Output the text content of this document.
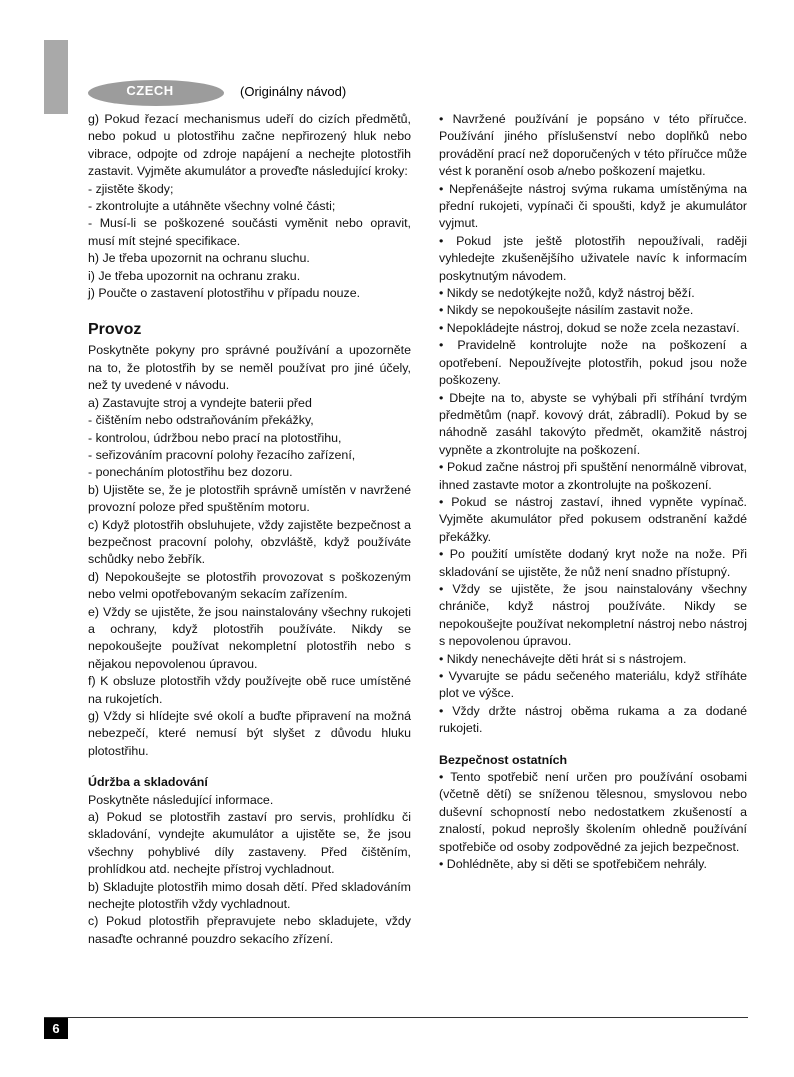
CZECH	(Originálny návod)

g) Pokud řezací mechanismus udeří do cizích předmětů, nebo pokud u plotostřihu začne nepřirozený hluk nebo vibrace, odpojte od zdroje napájení a nechejte plotostřih zastavit. Vyjměte akumulátor a proveďte následující kroky:

- zjistěte škody;

- zkontrolujte a utáhněte všechny volné části;

- Musí-li se poškozené součásti vyměnit nebo opravit, musí mít stejné specifikace.

h) Je třeba upozornit na ochranu sluchu.

i) Je třeba upozornit na ochranu zraku.

j) Poučte o zastavení plotostřihu v případu nouze.

Provoz

Poskytněte pokyny pro správné používání a upozorněte na to, že plotostřih by se neměl používat pro jiné účely, než ty uvedené v návodu.

a) Zastavujte stroj a vyndejte baterii před

- čištěním nebo odstraňováním překážky,

- kontrolou, údržbou nebo prací na plotostřihu,

- seřizováním pracovní polohy řezacího zařízení,

- ponecháním plotostřihu bez dozoru.

b) Ujistěte se, že je plotostřih správně umístěn v navržené provozní poloze před spuštěním motoru.

c) Když plotostřih obsluhujete, vždy zajistěte bezpečnost a bezpečnost pracovní polohy, obzvláště, když používáte schůdky nebo žebřík.

d) Nepokoušejte se plotostřih provozovat s poškozeným nebo velmi opotřebovaným sekacím zařízením.

e) Vždy se ujistěte, že jsou nainstalovány všechny rukojeti a ochrany, když plotostřih používáte. Nikdy se nepokoušejte používat nekompletní plotostřih nebo s nějakou nepovolenou úpravou.

f) K obsluze plotostřih vždy používejte obě ruce umístěné na rukojetích.

g) Vždy si hlídejte své okolí a buďte připravení na možná nebezpečí, které nemusí být slyšet z důvodu hluku plotostřihu.

Údržba a skladování

Poskytněte následující informace.

a) Pokud se plotostřih zastaví pro servis, prohlídku či skladování, vyndejte akumulátor a ujistěte se, že jsou všechny pohyblivé díly zastaveny. Před čištěním, prohlídkou atd. nechejte přístroj vychladnout.

b) Skladujte plotostřih mimo dosah dětí. Před skladováním nechejte plotostřih vždy vychladnout.

c) Pokud plotostřih přepravujete nebo skladujete, vždy nasaďte ochranné pouzdro sekacího zřízení.

• Navržené používání je popsáno v této příručce. Používání jiného příslušenství nebo doplňků nebo provádění prací než doporučených v této příručce může vést k poranění osob a/nebo poškození majetku.

• Nepřenášejte nástroj svýma rukama umístěnýma na přední rukojeti, vypínači či spoušti, když je akumulátor vyjmut.

• Pokud jste ještě plotostřih nepoužívali, raději vyhledejte zkušenějšího uživatele navíc k informacím poskytnutým návodem.

• Nikdy se nedotýkejte nožů, když nástroj běží.

• Nikdy se nepokoušejte násilím zastavit nože.

• Nepokládejte nástroj, dokud se nože zcela nezastaví.

• Pravidelně kontrolujte nože na poškození a opotřebení. Nepoužívejte plotostřih, pokud jsou nože poškozeny.

• Dbejte na to, abyste se vyhýbali při stříhání tvrdým předmětům (např. kovový drát, zábradlí). Pokud by se náhodně zasáhl takovýto předmět, okamžitě nástroj vypněte a zkontrolujte na poškození.

• Pokud začne nástroj při spuštění nenormálně vibrovat, ihned zastavte motor a zkontrolujte na poškození.

• Pokud se nástroj zastaví, ihned vypněte vypínač. Vyjměte akumulátor před pokusem odstranění každé překážky.

• Po použití umístěte dodaný kryt nože na nože. Při skladování se ujistěte, že nůž není snadno přístupný.

• Vždy se ujistěte, že jsou nainstalovány všechny chrániče, když nástroj používáte. Nikdy se nepokoušejte používat nekompletní nástroj nebo nástroj s nepovolenou úpravou.

• Nikdy nenechávejte děti hrát si s nástrojem.

• Vyvarujte se pádu sečeného materiálu, když stříháte plot ve výšce.

• Vždy držte nástroj oběma rukama a za dodané rukojeti.

Bezpečnost ostatních

• Tento spotřebič není určen pro používání osobami (včetně dětí) se sníženou tělesnou, smyslovou nebo duševní schopností nebo nedostatkem zkušeností a znalostí, pokud neprošly školením ohledně používání spotřebiče od osoby zodpovědné za jejich bezpečnost.

• Dohlédněte, aby si děti se spotřebičem nehrály.

6
